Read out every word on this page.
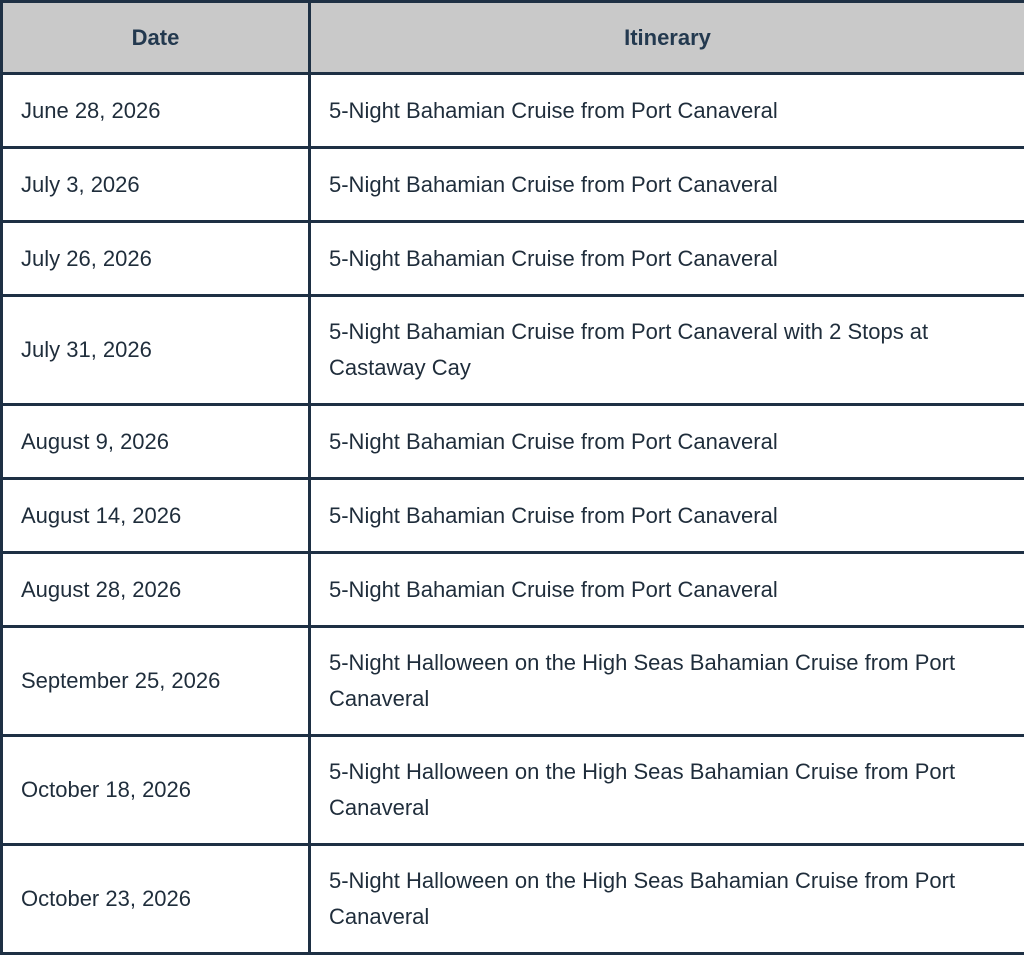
Date	Itinerary
June 28, 2026	5-Night Bahamian Cruise from Port Canaveral
July 3, 2026	5-Night Bahamian Cruise from Port Canaveral
July 26, 2026	5-Night Bahamian Cruise from Port Canaveral
July 31, 2026	5-Night Bahamian Cruise from Port Canaveral with 2 Stops at Castaway Cay
August 9, 2026	5-Night Bahamian Cruise from Port Canaveral
August 14, 2026	5-Night Bahamian Cruise from Port Canaveral
August 28, 2026	5-Night Bahamian Cruise from Port Canaveral
September 25, 2026	5-Night Halloween on the High Seas Bahamian Cruise from Port Canaveral
October 18, 2026	5-Night Halloween on the High Seas Bahamian Cruise from Port Canaveral
October 23, 2026	5-Night Halloween on the High Seas Bahamian Cruise from Port Canaveral
